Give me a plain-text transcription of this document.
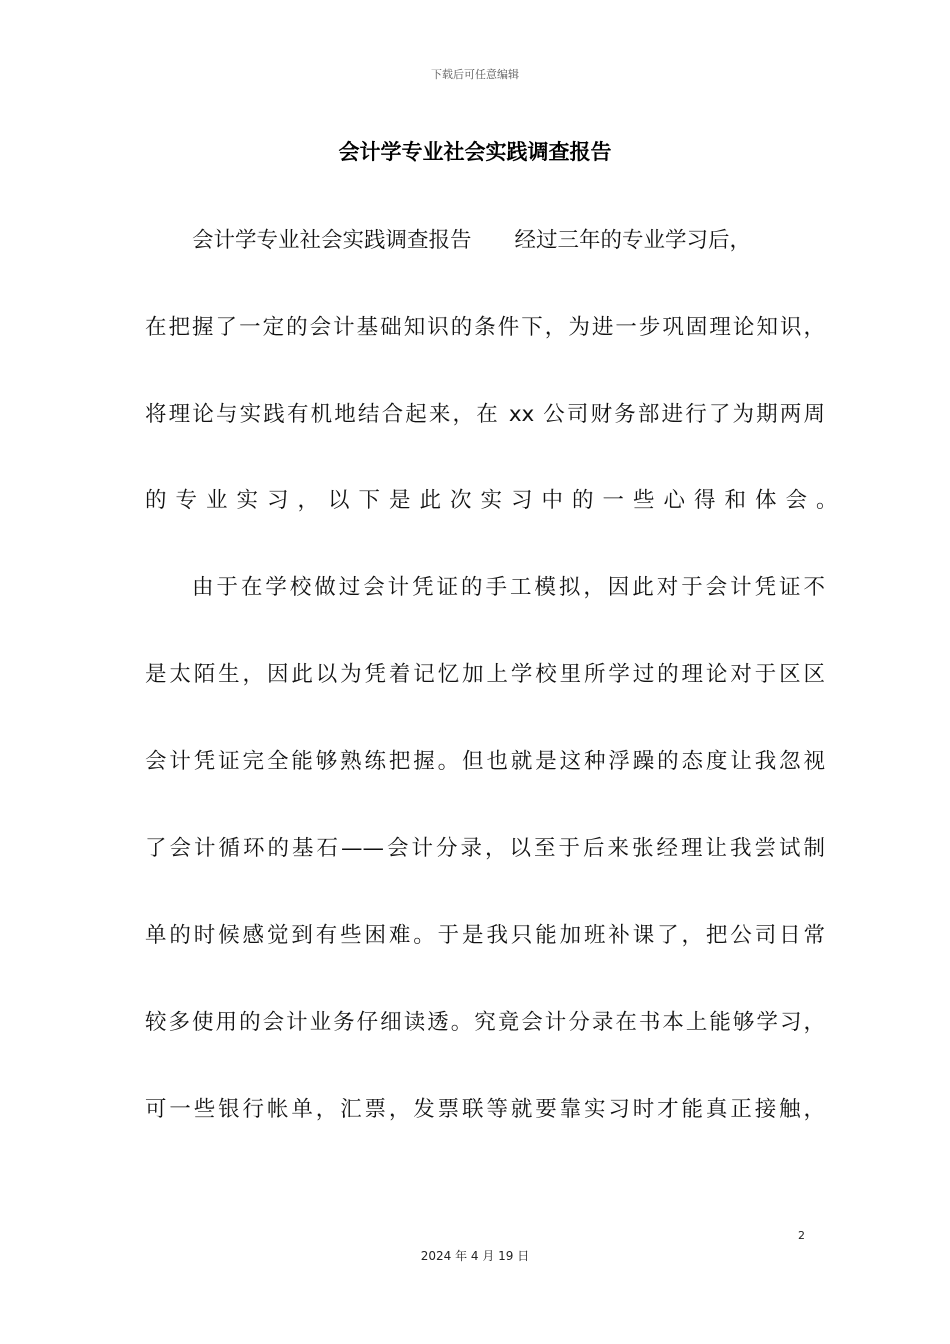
下载后可任意编辑
会计学专业社会实践调查报告
会计学专业社会实践调查报告　　经过三年的专业学习后，
在把握了一定的会计基础知识的条件下，为进一步巩固理论知识，
将理论与实践有机地结合起来，在 xx 公司财务部进行了为期两周
的专业实习，以下是此次实习中的一些心得和体会。
由于在学校做过会计凭证的手工模拟，因此对于会计凭证不
是太陌生，因此以为凭着记忆加上学校里所学过的理论对于区区
会计凭证完全能够熟练把握。但也就是这种浮躁的态度让我忽视
了会计循环的基石——会计分录，以至于后来张经理让我尝试制
单的时候感觉到有些困难。于是我只能加班补课了，把公司日常
较多使用的会计业务仔细读透。究竟会计分录在书本上能够学习，
可一些银行帐单，汇票，发票联等就要靠实习时才能真正接触，
2
2024 年 4 月 19 日
